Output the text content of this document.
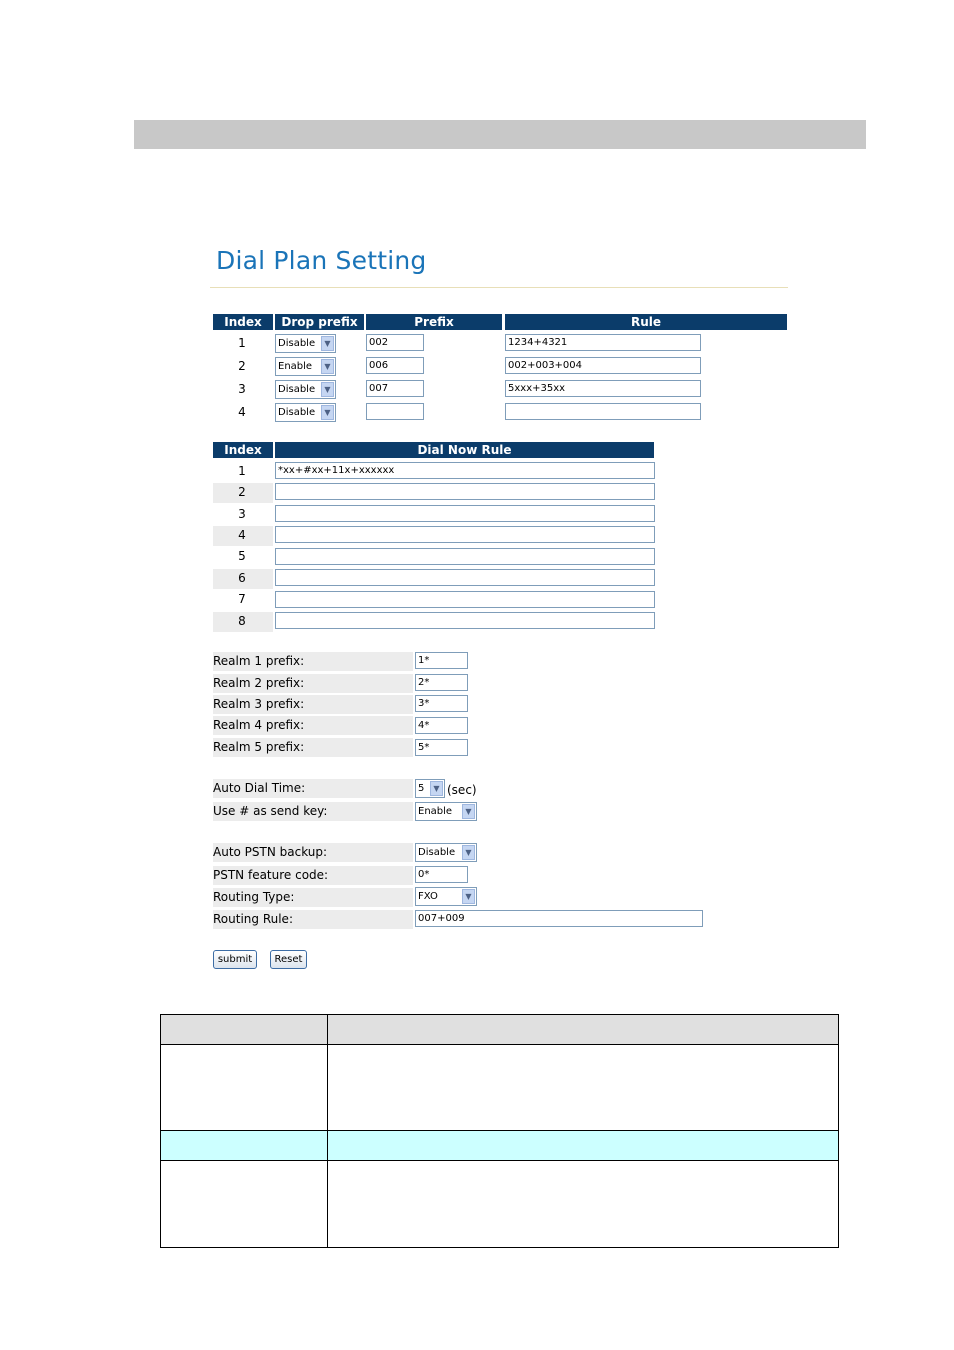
Dial Plan Setting
Index	Drop prefix	Prefix	Rule
1	Disable	▼	002	1234+4321
2	Enable	▼	006	002+003+004
3	Disable	▼	007	5xxx+35xx
4	Disable	▼
Index	Dial Now Rule
1	*xx+#xx+11x+xxxxxx
2
3
4
5
6
7
8
Realm 1 prefix:	1*
Realm 2 prefix:	2*
Realm 3 prefix:	3*
Realm 4 prefix:	4*
Realm 5 prefix:	5*
Auto Dial Time:	5	▼ (sec)
Use # as send key:	Enable	▼
Auto PSTN backup:	Disable	▼
PSTN feature code:	0*
Routing Type:	FXO	▼
Routing Rule:	007+009
submit	Reset
